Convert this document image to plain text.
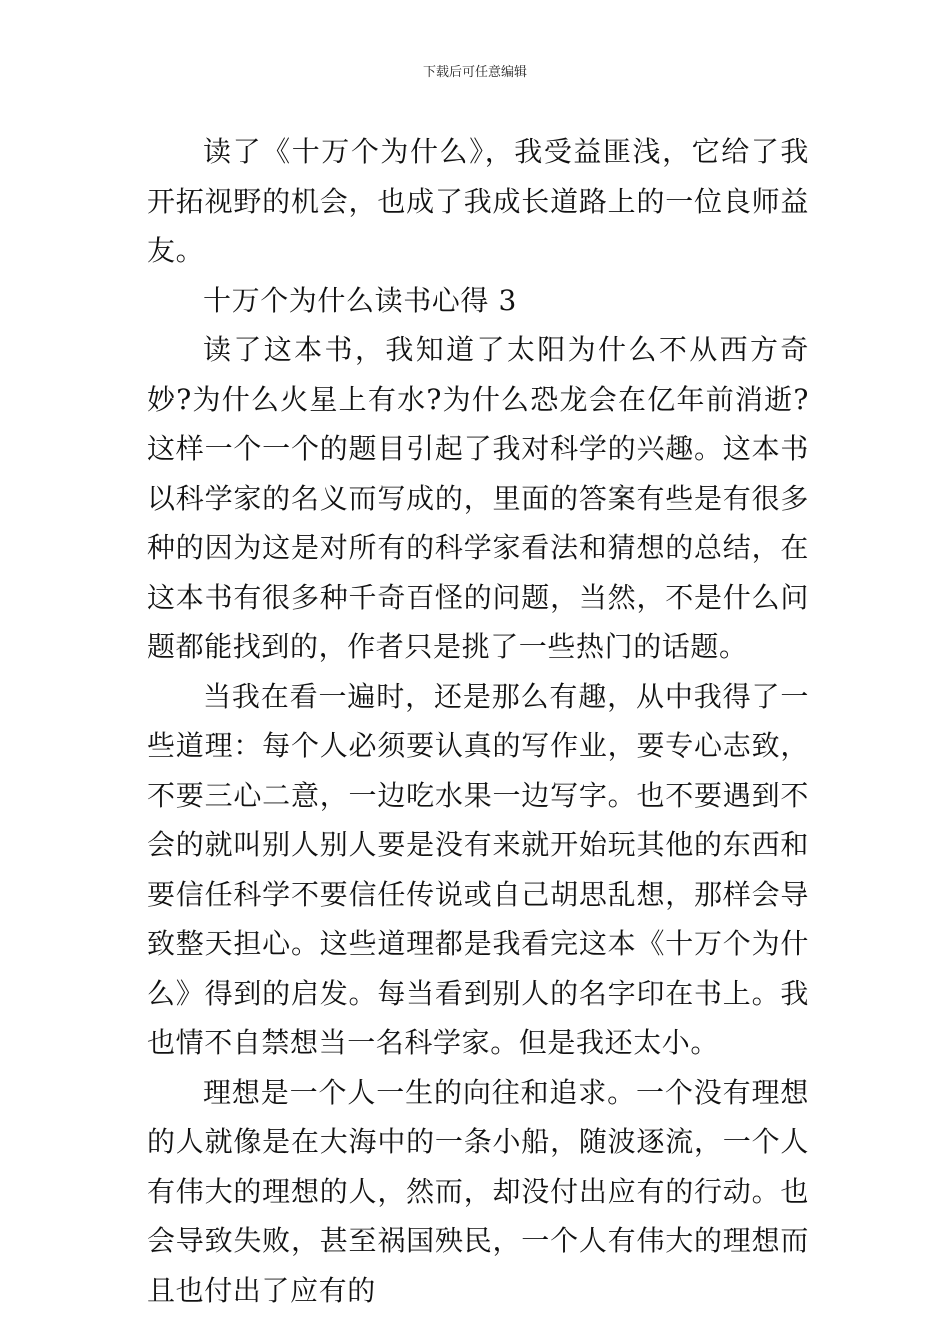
下载后可任意编辑

读了《十万个为什么》，我受益匪浅，它给了我开拓视野的机会，也成了我成长道路上的一位良师益友。

十万个为什么读书心得 3

读了这本书，我知道了太阳为什么不从西方奇妙?为什么火星上有水?为什么恐龙会在亿年前消逝?这样一个一个的题目引起了我对科学的兴趣。这本书以科学家的名义而写成的，里面的答案有些是有很多种的因为这是对所有的科学家看法和猜想的总结，在这本书有很多种千奇百怪的问题，当然，不是什么问题都能找到的，作者只是挑了一些热门的话题。

当我在看一遍时，还是那么有趣，从中我得了一些道理：每个人必须要认真的写作业，要专心志致，不要三心二意，一边吃水果一边写字。也不要遇到不会的就叫别人别人要是没有来就开始玩其他的东西和要信任科学不要信任传说或自己胡思乱想，那样会导致整天担心。这些道理都是我看完这本《十万个为什么》得到的启发。每当看到别人的名字印在书上。我也情不自禁想当一名科学家。但是我还太小。

理想是一个人一生的向往和追求。一个没有理想的人就像是在大海中的一条小船，随波逐流，一个人有伟大的理想的人，然而，却没付出应有的行动。也会导致失败，甚至祸国殃民，一个人有伟大的理想而且也付出了应有的
